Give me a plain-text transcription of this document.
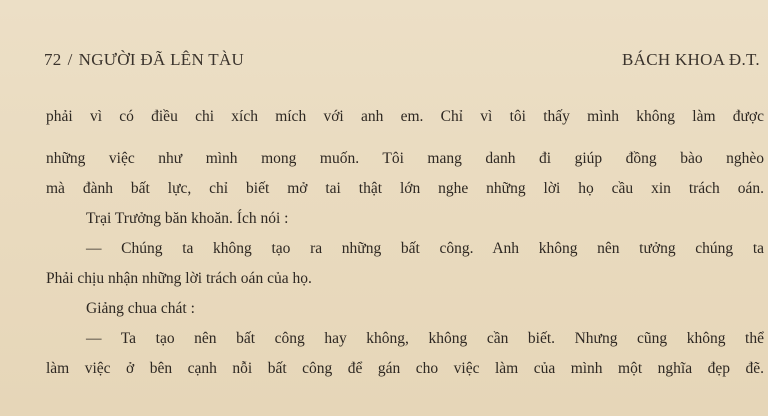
72 / NGƯỜI ĐÃ LÊN TÀU	BÁCH KHOA Đ.T.
phải vì có điều chi xích mích với anh em. Chỉ vì tôi thấy mình không làm được
những việc như mình mong muốn. Tôi mang danh đi giúp đồng bào nghèo
mà đành bất lực, chỉ biết mở tai thật lớn nghe những lời họ cầu xin trách oán.
Trại Trưởng băn khoăn. Ích nói :
— Chúng ta không tạo ra những bất công. Anh không nên tưởng chúng ta
Phải chịu nhận những lời trách oán của họ.
Giảng chua chát :
— Ta tạo nên bất công hay không, không cần biết. Nhưng cũng không thể
làm việc ở bên cạnh nỗi bất công để gán cho việc làm của mình một nghĩa đẹp đẽ.
